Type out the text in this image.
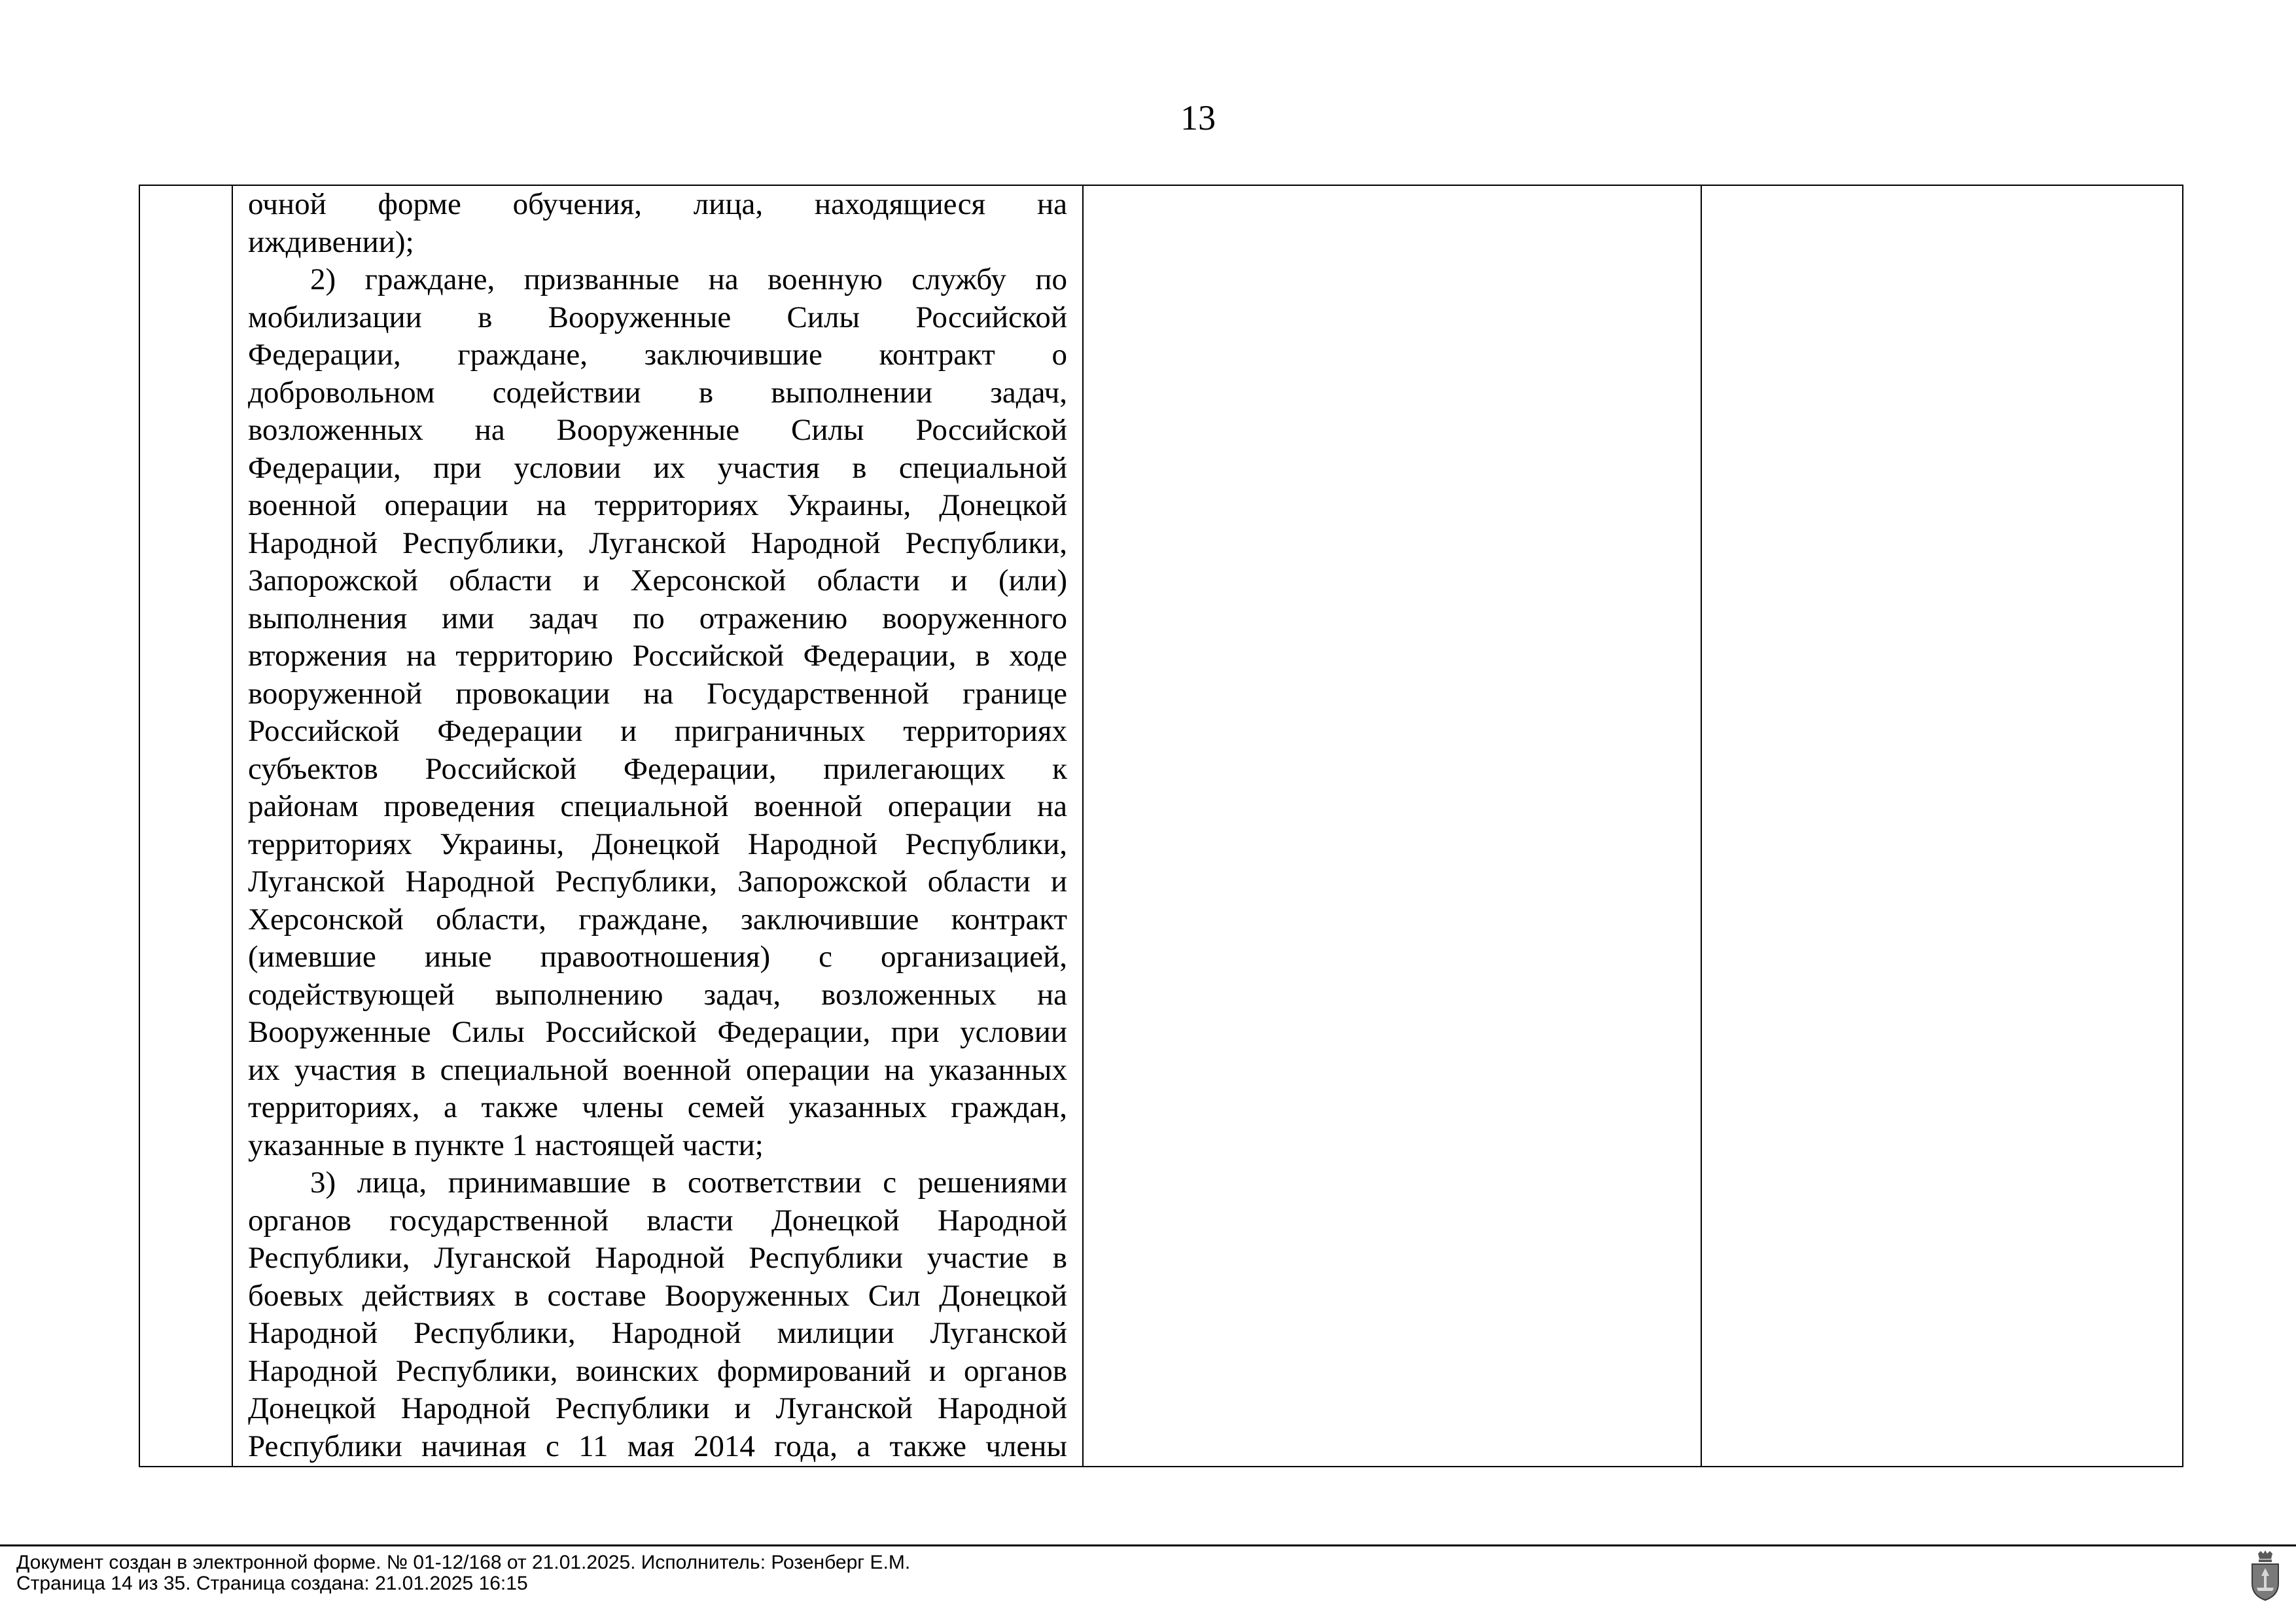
13
очной форме обучения, лица, находящиеся на
иждивении);
2) граждане, призванные на военную службу по
мобилизации в Вооруженные Силы Российской
Федерации, граждане, заключившие контракт о
добровольном содействии в выполнении задач,
возложенных на Вооруженные Силы Российской
Федерации, при условии их участия в специальной
военной операции на территориях Украины, Донецкой
Народной Республики, Луганской Народной Республики,
Запорожской области и Херсонской области и (или)
выполнения ими задач по отражению вооруженного
вторжения на территорию Российской Федерации, в ходе
вооруженной провокации на Государственной границе
Российской Федерации и приграничных территориях
субъектов Российской Федерации, прилегающих к
районам проведения специальной военной операции на
территориях Украины, Донецкой Народной Республики,
Луганской Народной Республики, Запорожской области и
Херсонской области, граждане, заключившие контракт
(имевшие иные правоотношения) с организацией,
содействующей выполнению задач, возложенных на
Вооруженные Силы Российской Федерации, при условии
их участия в специальной военной операции на указанных
территориях, а также члены семей указанных граждан,
указанные в пункте 1 настоящей части;
3) лица, принимавшие в соответствии с решениями
органов государственной власти Донецкой Народной
Республики, Луганской Народной Республики участие в
боевых действиях в составе Вооруженных Сил Донецкой
Народной Республики, Народной милиции Луганской
Народной Республики, воинских формирований и органов
Донецкой Народной Республики и Луганской Народной
Республики начиная с 11 мая 2014 года, а также члены
Документ создан в электронной форме. № 01-12/168 от 21.01.2025. Исполнитель: Розенберг Е.М.
Страница 14 из 35. Страница создана: 21.01.2025 16:15
